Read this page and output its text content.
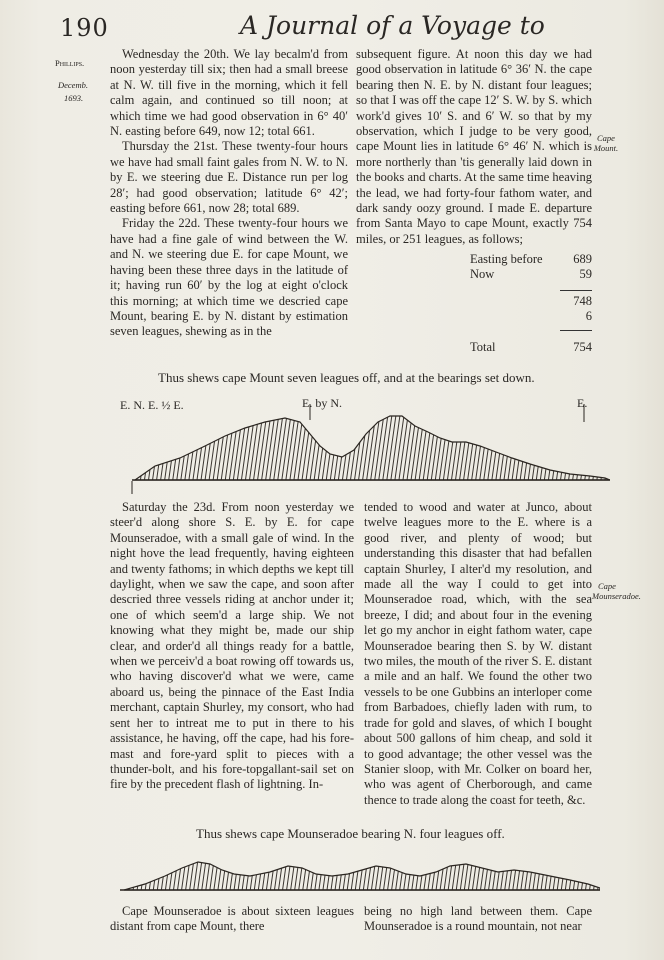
190	A Journal of a Voyage to
Phillips.
Decemb.
1693.
Cape Mount.
Cape Mounseradoe.

Wednesday the 20th. We lay becalm'd from noon yesterday till six; then had a small breese at N. W. till five in the morning, which it fell calm again, and continued so till noon; at which time we had good observation in 6° 40′ N. easting before 649, now 12; total 661.

Thursday the 21st. These twenty-four hours we have had small faint gales from N. W. to N. by E. we steering due E. Distance run per log 28′; had good observation; latitude 6° 42′; easting before 661, now 28; total 689.

Friday the 22d. These twenty-four hours we have had a fine gale of wind between the W. and N. we steering due E. for cape Mount, we having been these three days in the latitude of it; having run 60′ by the log at eight o'clock this morning; at which time we descried cape Mount, bearing E. by N. distant by estimation seven leagues, shewing as in the

subsequent figure. At noon this day we had good observation in latitude 6° 36′ N. the cape bearing then N. E. by N. distant four leagues; so that I was off the cape 12′ S. W. by S. which work'd gives 10′ S. and 6′ W. so that by my observation, which I judge to be very good, cape Mount lies in latitude 6° 46′ N. which is more northerly than 'tis generally laid down in the books and charts. At the same time heaving the lead, we had forty-four fathom water, and dark sandy oozy ground. I made E. departure from Santa Mayo to cape Mount, exactly 754 miles, or 251 leagues, as follows;

Easting before 689
Now	59
748
6
Total	754
Thus shews cape Mount seven leagues off, and at the bearings set down.
E. N. E. ½ E.	E. by N.	E.

Saturday the 23d. From noon yesterday we steer'd along shore S. E. by E. for cape Mounseradoe, with a small gale of wind. In the night hove the lead frequently, having eighteen and twenty fathoms; in which depths we kept till daylight, when we saw the cape, and soon after descried three vessels riding at anchor under it; one of which seem'd a large ship. We not knowing what they might be, made our ship clear, and order'd all things ready for a battle, when we perceiv'd a boat rowing off towards us, who having discover'd what we were, came aboard us, being the pinnace of the East India merchant, captain Shurley, my consort, who had sent her to intreat me to put in there to his assistance, he having, off the cape, had his fore-mast and fore-yard split to pieces with a thunder-bolt, and his fore-topgallant-sail set on fire by the precedent flash of lightning. In-

tended to wood and water at Junco, about twelve leagues more to the E. where is a good river, and plenty of wood; but understanding this disaster that had befallen captain Shurley, I alter'd my resolution, and made all the way I could to get into Mounseradoe road, which, with the sea breeze, I did; and about four in the evening let go my anchor in eight fathom water, cape Mounseradoe bearing then S. by W. distant two miles, the mouth of the river S. E. distant a mile and an half. We found the other two vessels to be one Gubbins an interloper come from Barbadoes, chiefly laden with rum, to trade for gold and slaves, of which I bought about 500 gallons of him cheap, and sold it to good advantage; the other vessel was the Stanier sloop, with Mr. Colker on board her, who was agent of Cherborough, and came thence to trade along the coast for teeth, &c.

Thus shews cape Mounseradoe bearing N. four leagues off.

Cape Mounseradoe is about sixteen leagues distant from cape Mount, there

being no high land between them. Cape Mounseradoe is a round mountain, not near
